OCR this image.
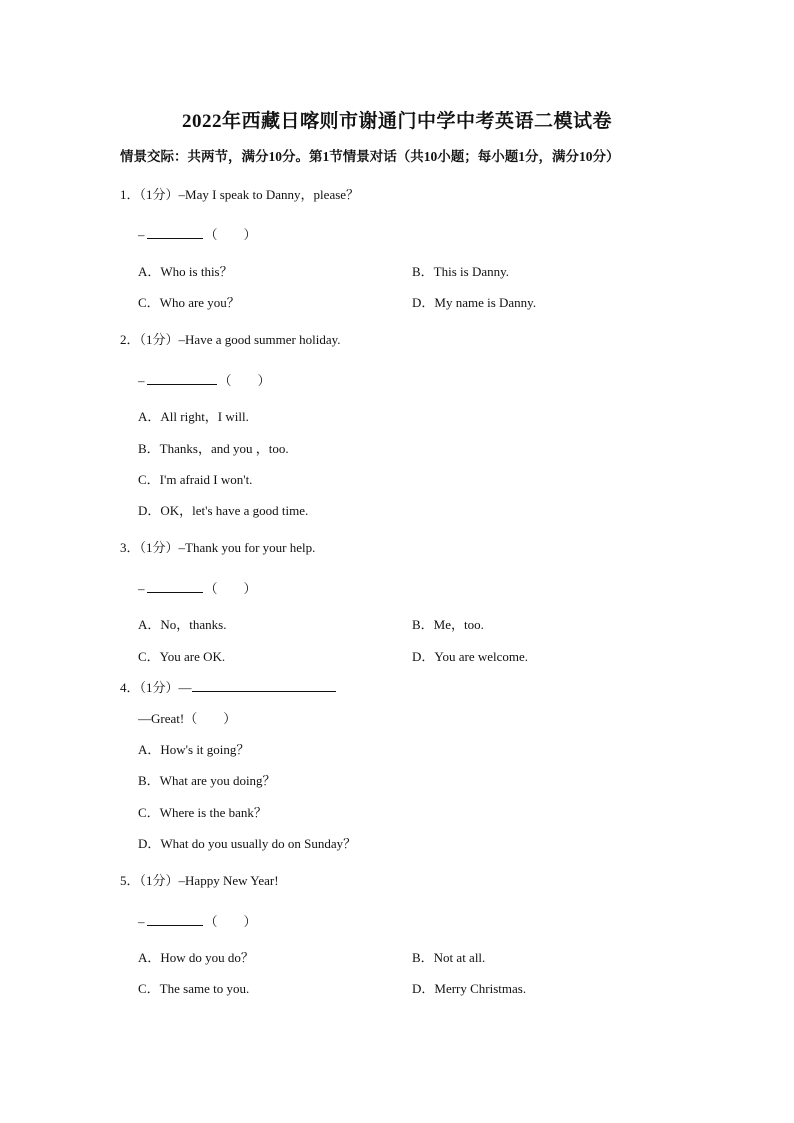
2022年西藏日喀则市谢通门中学中考英语二模试卷
情景交际：共两节，满分10分。第1节情景对话（共10小题；每小题1分，满分10分）
1．（1分）–May I speak to Danny，please？
–	（　　）
A．Who is this？	B．This is Danny.
C．Who are you？	D．My name is Danny.
2．（1分）–Have a good summer holiday.
–	（　　）
A．All right，I will.
B．Thanks，and you ，too.
C．I'm afraid I won't.
D．OK，let's have a good time.
3．（1分）–Thank you for your help.
–	（　　）
A．No，thanks.	B．Me，too.
C．You are OK.	D．You are welcome.
4．（1分）—
—Great!（　　）
A．How's it going？
B．What are you doing？
C．Where is the bank？
D．What do you usually do on Sunday？
5．（1分）–Happy New Year!
–	（　　）
A．How do you do？	B．Not at all.
C．The same to you.	D．Merry Christmas.
